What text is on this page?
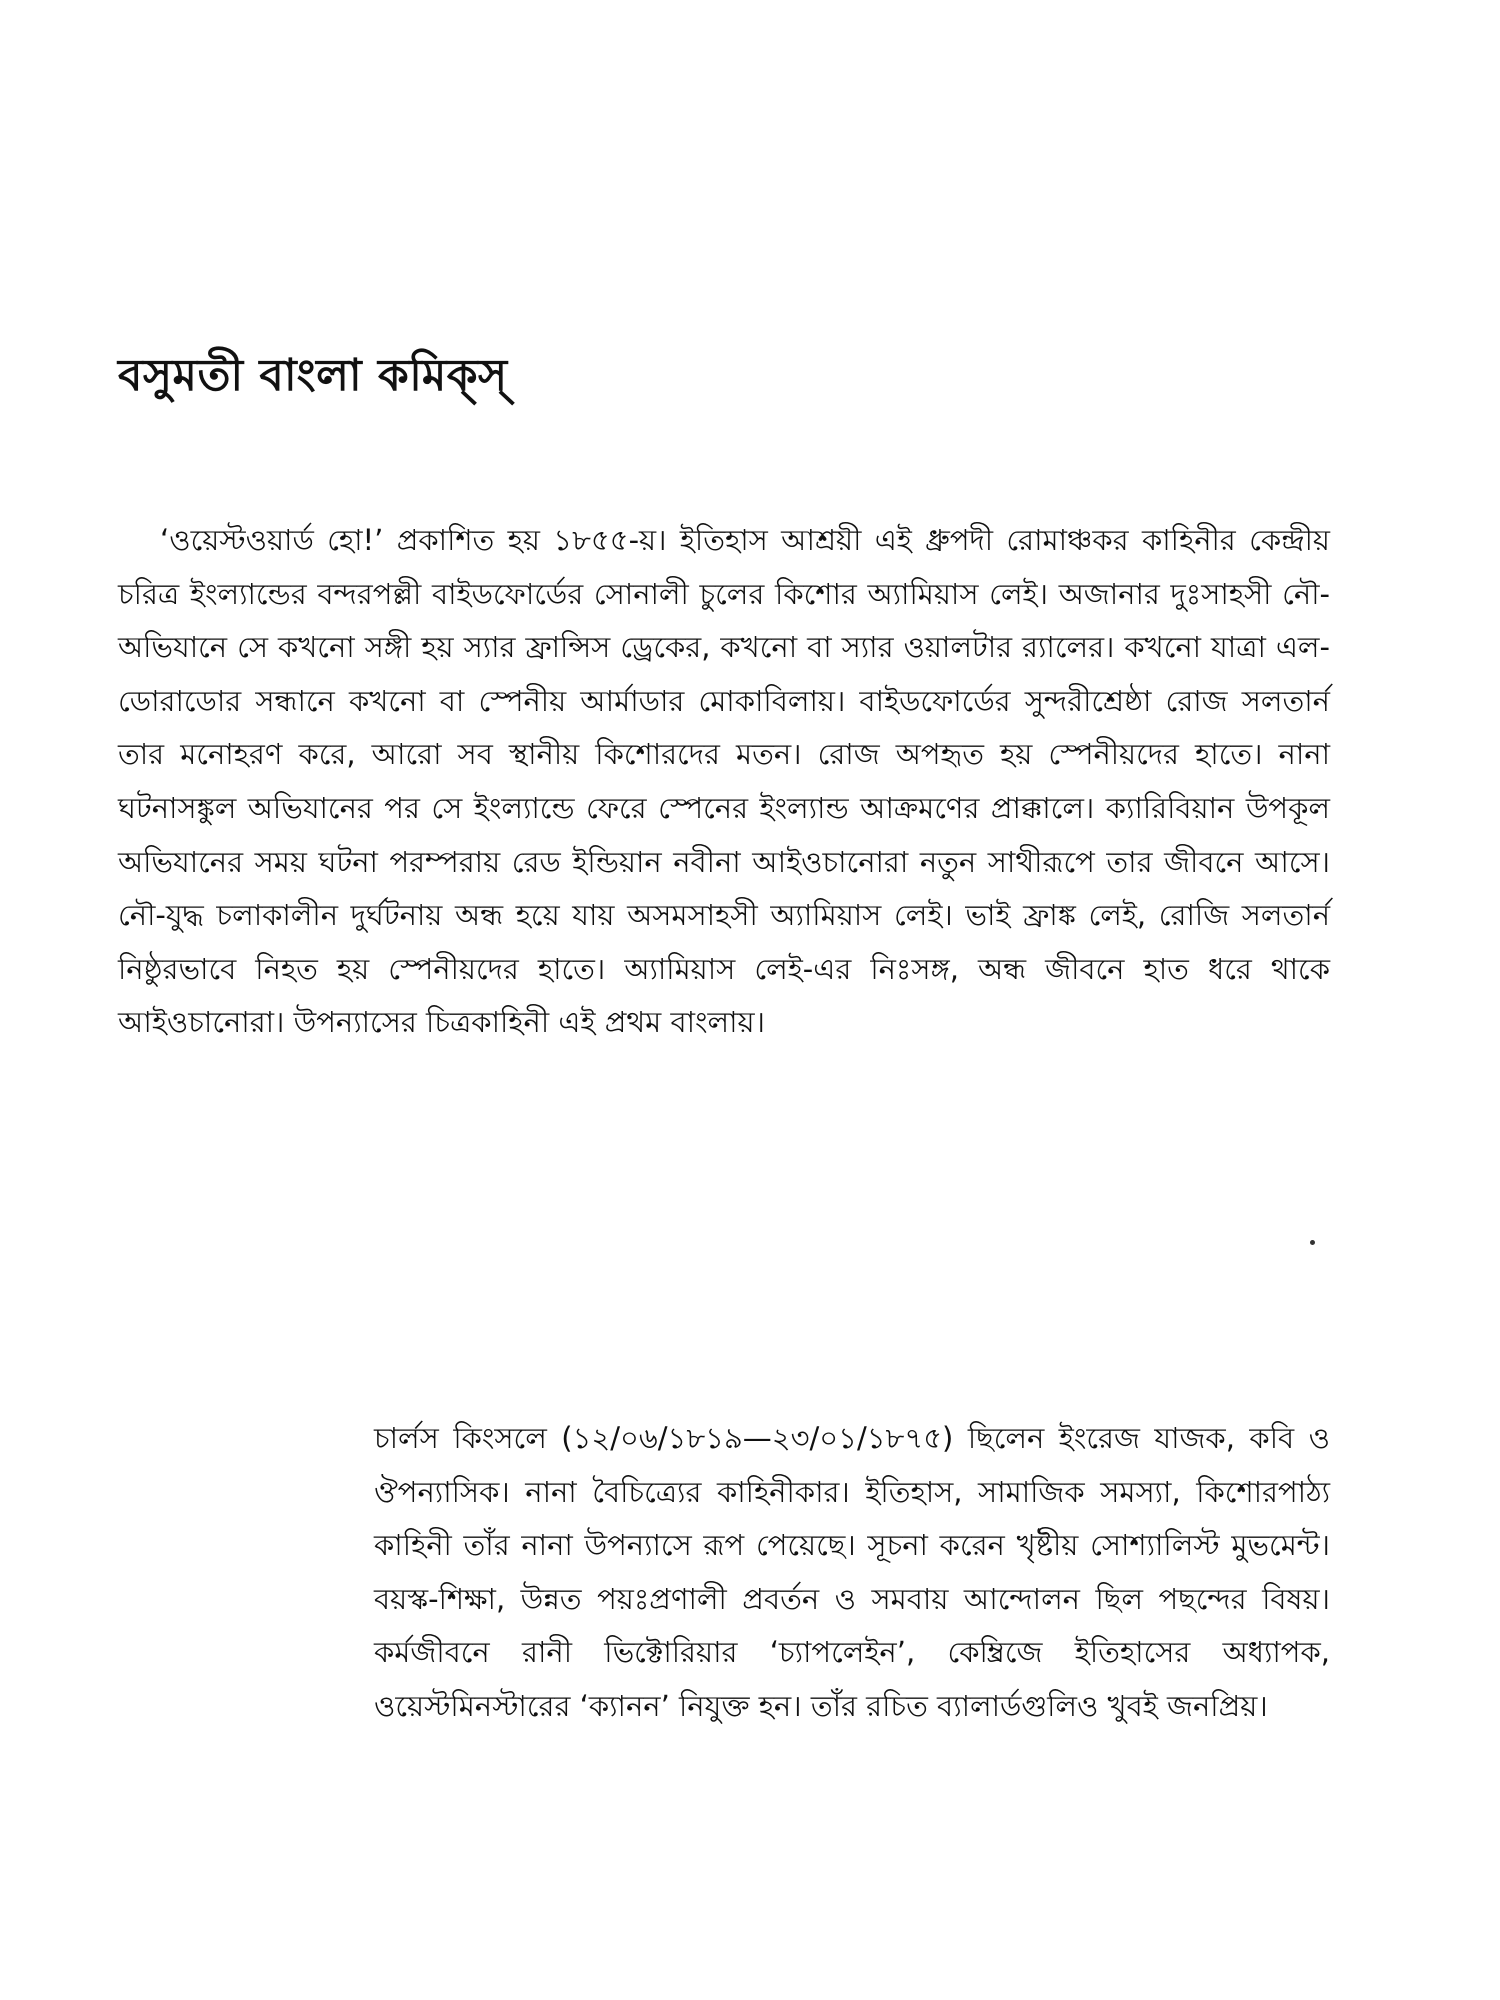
বসুমতী বাংলা কমিক্‌স্‌

‘ওয়েস্টওয়ার্ড হো!’ প্রকাশিত হয় ১৮৫৫-য়। ইতিহাস আশ্রয়ী এই ধ্রুপদী রোমাঞ্চকর কাহিনীর কেন্দ্রীয় চরিত্র ইংল্যান্ডের বন্দরপল্লী বাইডফোর্ডের সোনালী চুলের কিশোর অ্যামিয়াস লেই। অজানার দুঃসাহসী নৌ-অভিযানে সে কখনো সঙ্গী হয় স্যার ফ্রান্সিস ড্রেকের, কখনো বা স্যার ওয়ালটার র‍্যালের। কখনো যাত্রা এল-ডোরাডোর সন্ধানে কখনো বা স্পেনীয় আর্মাডার মোকাবিলায়। বাইডফোর্ডের সুন্দরীশ্রেষ্ঠা রোজ সলতার্ন তার মনোহরণ করে, আরো সব স্থানীয় কিশোরদের মতন। রোজ অপহৃত হয় স্পেনীয়দের হাতে। নানা ঘটনাসঙ্কুল অভিযানের পর সে ইংল্যান্ডে ফেরে স্পেনের ইংল্যান্ড আক্রমণের প্রাক্কালে। ক্যারিবিয়ান উপকূল অভিযানের সময় ঘটনা পরম্পরায় রেড ইন্ডিয়ান নবীনা আইওচানোরা নতুন সাথীরূপে তার জীবনে আসে। নৌ-যুদ্ধ চলাকালীন দুর্ঘটনায় অন্ধ হয়ে যায় অসমসাহসী অ্যামিয়াস লেই। ভাই ফ্রাঙ্ক লেই, রোজি সলতার্ন নিষ্ঠুরভাবে নিহত হয় স্পেনীয়দের হাতে। অ্যামিয়াস লেই-এর নিঃসঙ্গ, অন্ধ জীবনে হাত ধরে থাকে আইওচানোরা। উপন্যাসের চিত্রকাহিনী এই প্রথম বাংলায়।

চার্লস কিংসলে (১২/০৬/১৮১৯—২৩/০১/১৮৭৫) ছিলেন ইংরেজ যাজক, কবি ও ঔপন্যাসিক। নানা বৈচিত্র্যের কাহিনীকার। ইতিহাস, সামাজিক সমস্যা, কিশোরপাঠ্য কাহিনী তাঁর নানা উপন্যাসে রূপ পেয়েছে। সূচনা করেন খৃষ্টীয় সোশ্যালিস্ট মুভমেন্ট। বয়স্ক-শিক্ষা, উন্নত পয়ঃপ্রণালী প্রবর্তন ও সমবায় আন্দোলন ছিল পছন্দের বিষয়। কর্মজীবনে রানী ভিক্টোরিয়ার ‘চ্যাপলেইন’, কেম্ব্রিজে ইতিহাসের অধ্যাপক, ওয়েস্টমিনস্টারের ‘ক্যানন’ নিযুক্ত হন। তাঁর রচিত ব্যালার্ডগুলিও খুবই জনপ্রিয়।
